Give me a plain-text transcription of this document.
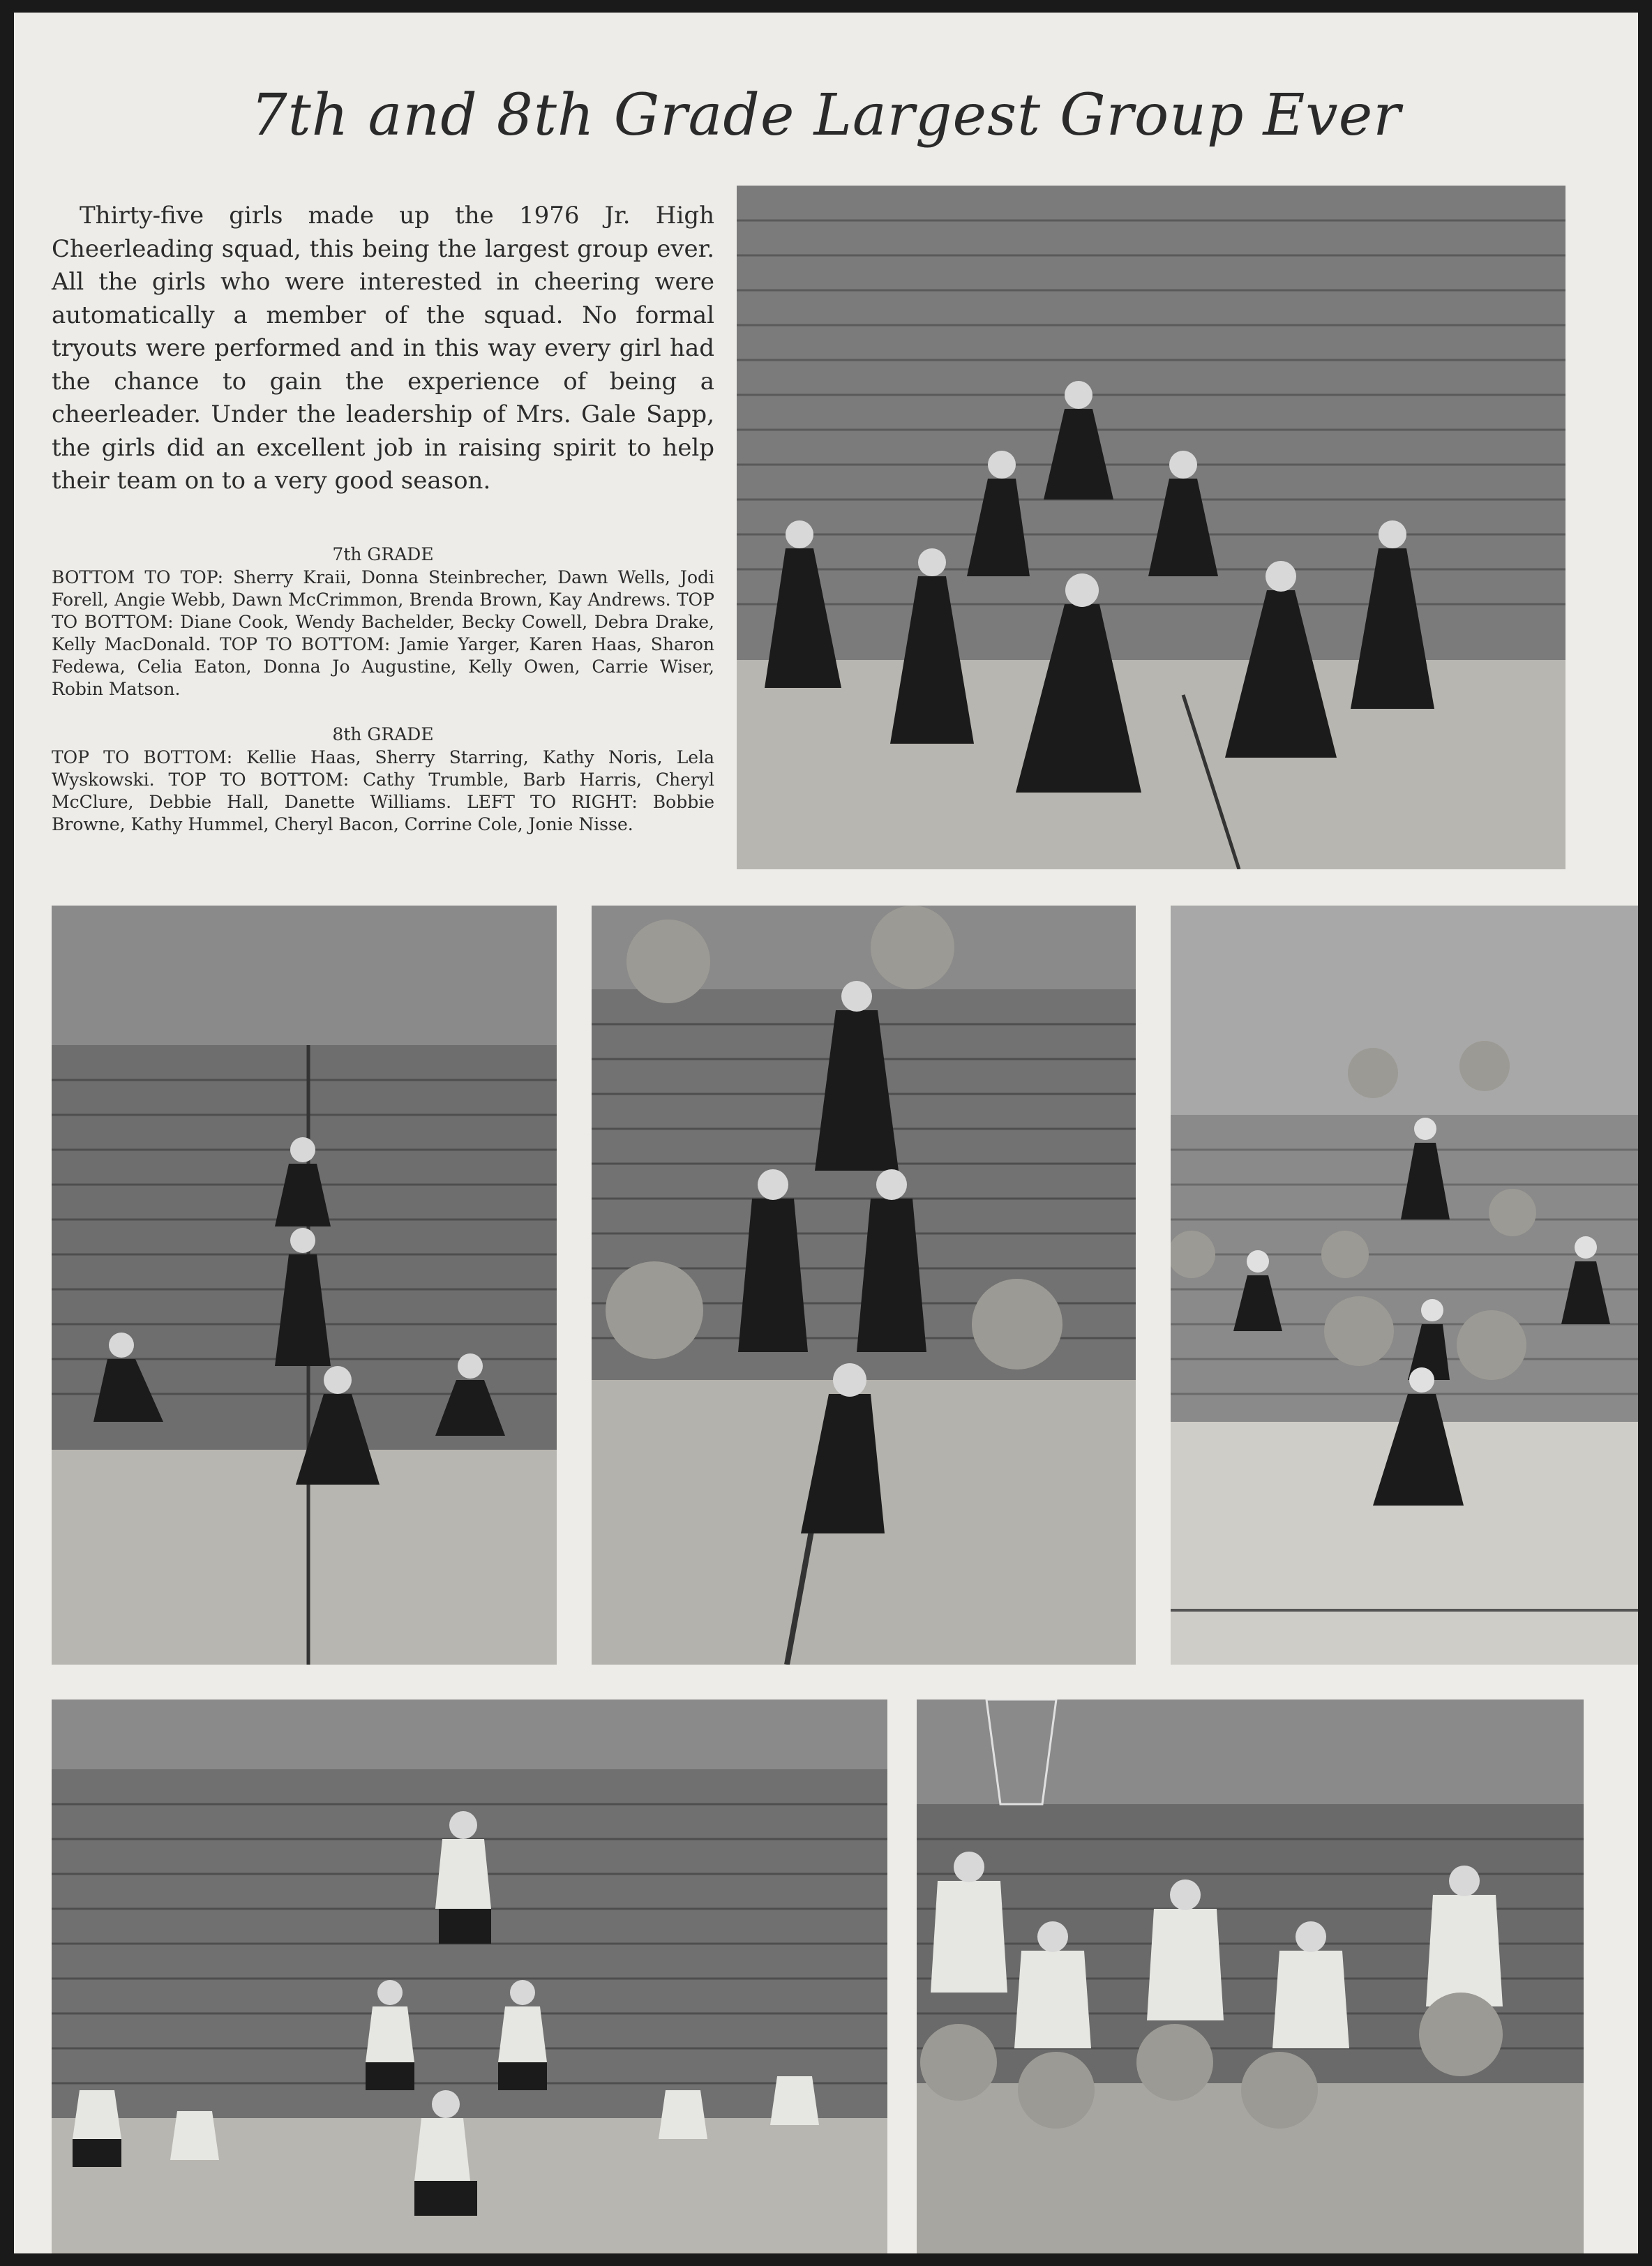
7th and 8th Grade Largest Group Ever

Thirty-five girls made up the 1976 Jr. High Cheerleading squad, this being the largest group ever. All the girls who were interested in cheering were automatically a member of the squad. No formal tryouts were performed and in this way every girl had the chance to gain the experience of being a cheerleader. Under the leadership of Mrs. Gale Sapp, the girls did an excellent job in raising spirit to help their team on to a very good season.

7th GRADE

BOTTOM TO TOP: Sherry Kraii, Donna Steinbrecher, Dawn Wells, Jodi Forell, Angie Webb, Dawn McCrimmon, Brenda Brown, Kay Andrews. TOP TO BOTTOM: Diane Cook, Wendy Bachelder, Becky Cowell, Debra Drake, Kelly MacDonald. TOP TO BOTTOM: Jamie Yarger, Karen Haas, Sharon Fedewa, Celia Eaton, Donna Jo Augustine, Kelly Owen, Carrie Wiser, Robin Matson.

8th GRADE

TOP TO BOTTOM: Kellie Haas, Sherry Starring, Kathy Noris, Lela Wyskowski. TOP TO BOTTOM: Cathy Trumble, Barb Harris, Cheryl McClure, Debbie Hall, Danette Williams. LEFT TO RIGHT: Bobbie Browne, Kathy Hummel, Cheryl Bacon, Corrine Cole, Jonie Nisse.
